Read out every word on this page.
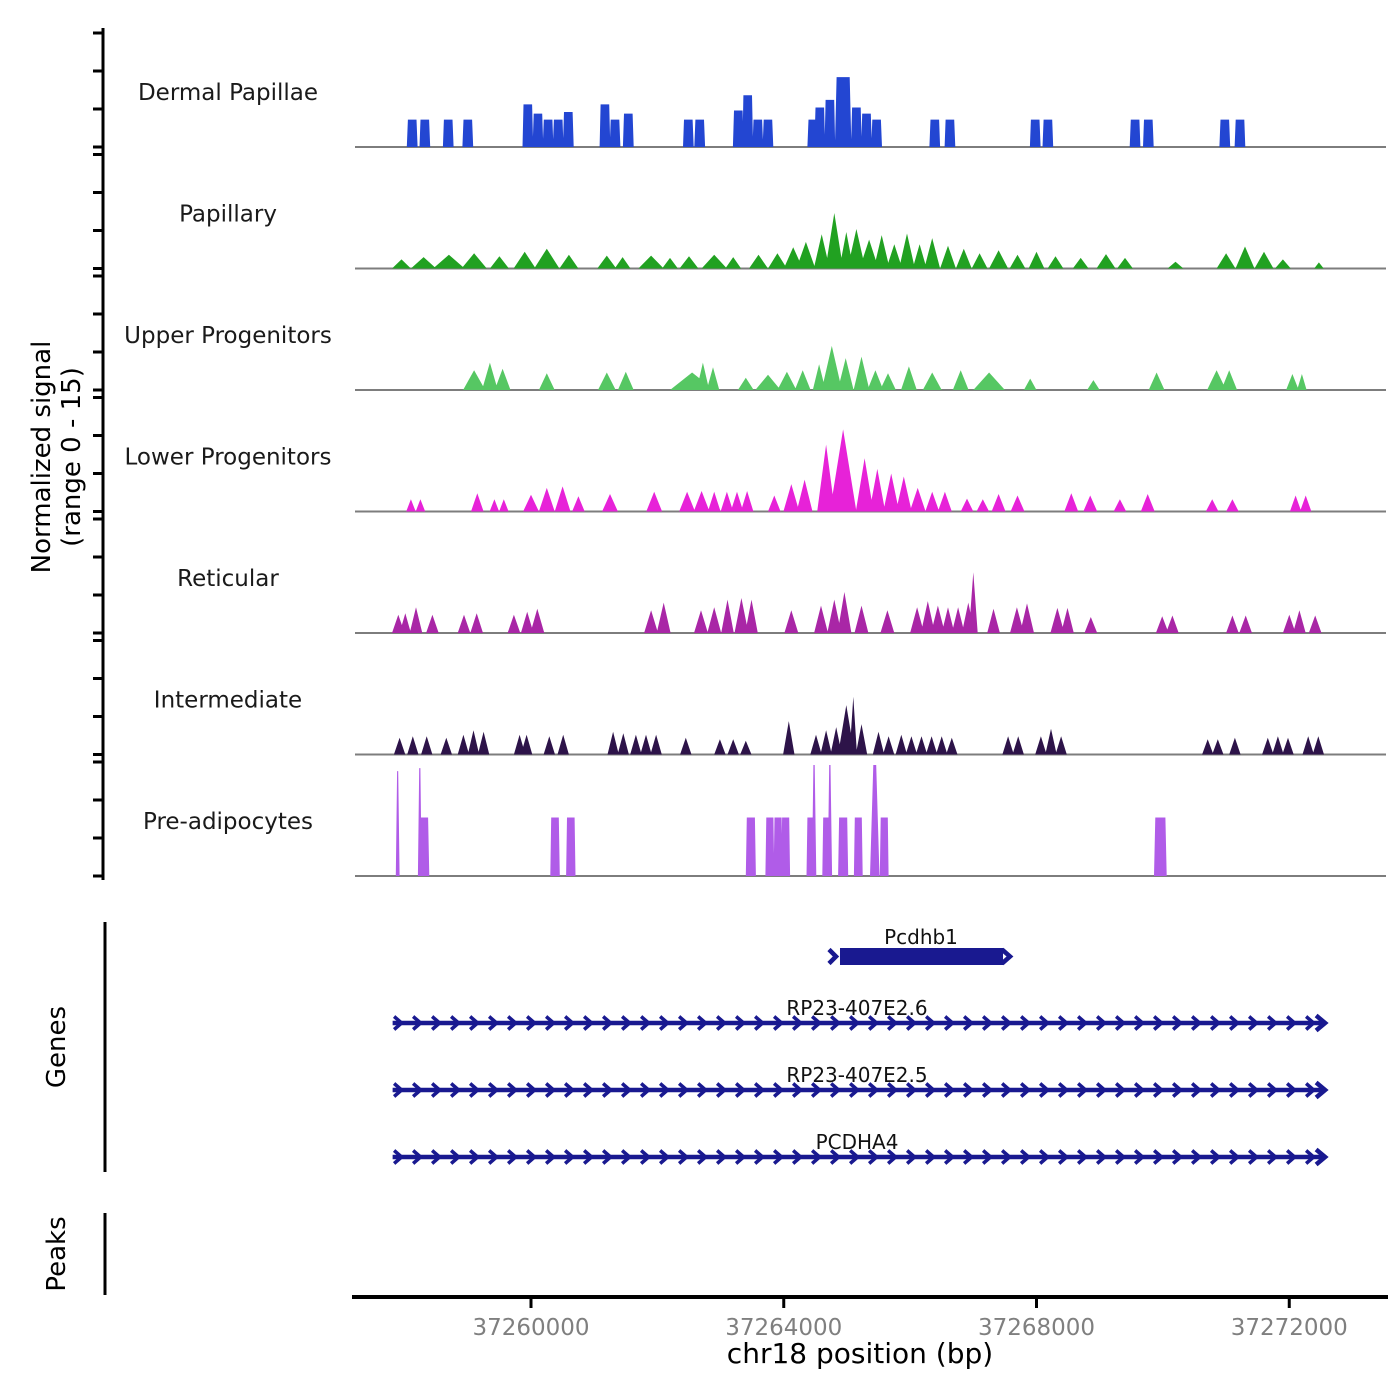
Normalized signal (range 0 - 15)
Dermal Papillae
Papillary
Upper Progenitors
Lower Progenitors
Reticular
Intermediate
Pre-adipocytes
Genes
Pcdhb1
RP23-407E2.6
RP23-407E2.5
PCDHA4
Peaks
37260000	37264000	37268000	37272000
chr18 position (bp)
